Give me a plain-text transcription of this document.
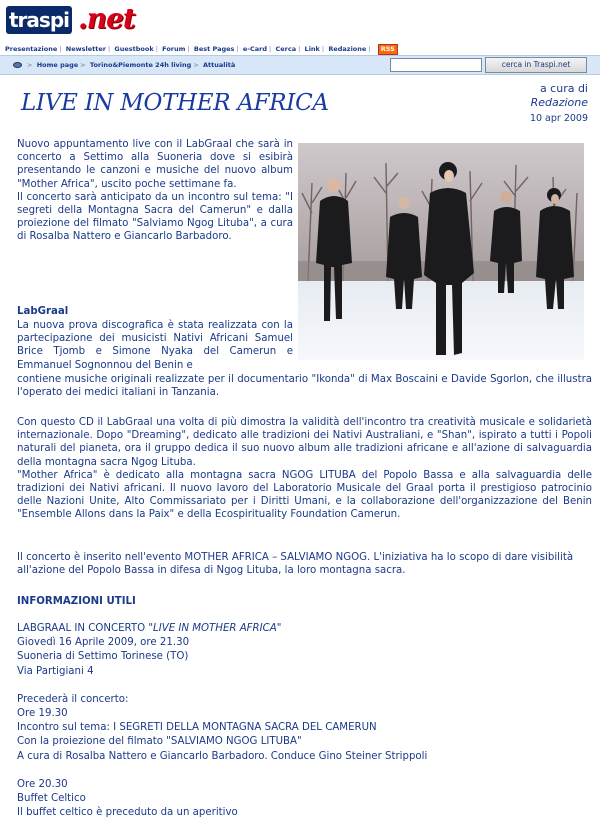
traspi .net
Presentazione | Newsletter | Guestbook | Forum | Best Pages | e-Card | Cerca | Link | Redazione | RSS
> Home page > Torino&Piemonte 24h living > Attualità	cerca in Traspi.net
LIVE IN MOTHER AFRICA
a cura di
Redazione
10 apr 2009
Nuovo appuntamento live con il LabGraal che sarà in concerto a Settimo alla Suoneria dove si esibirà presentando le canzoni e musiche del nuovo album "Mother Africa", uscito poche settimane fa.
Il concerto sarà anticipato da un incontro sul tema: "I segreti della Montagna Sacra del Camerun" e dalla proiezione del filmato "Salviamo Ngog Lituba", a cura di Rosalba Nattero e Giancarlo Barbadoro.
LabGraal
La nuova prova discografica è stata realizzata con la partecipazione dei musicisti Nativi Africani Samuel Brice Tjomb e Simone Nyaka del Camerun e Emmanuel Sognonnou del Benin e
contiene musiche originali realizzate per il documentario "Ikonda" di Max Boscaini e Davide Sgorlon, che illustra l'operato dei medici italiani in Tanzania.
Con questo CD il LabGraal una volta di più dimostra la validità dell'incontro tra creatività musicale e solidarietà internazionale. Dopo "Dreaming", dedicato alle tradizioni dei Nativi Australiani, e "Shan", ispirato a tutti i Popoli naturali del pianeta, ora il gruppo dedica il suo nuovo album alle tradizioni africane e all'azione di salvaguardia della montagna sacra Ngog Lituba.
"Mother Africa" è dedicato alla montagna sacra NGOG LITUBA del Popolo Bassa e alla salvaguardia delle tradizioni dei Nativi africani. Il nuovo lavoro del Laboratorio Musicale del Graal porta il prestigioso patrocinio delle Nazioni Unite, Alto Commissariato per i Diritti Umani, e la collaborazione dell'organizzazione del Benin "Ensemble Allons dans la Paix" e della Ecospirituality Foundation Camerun.
Il concerto è inserito nell'evento MOTHER AFRICA – SALVIAMO NGOG. L'iniziativa ha lo scopo di dare visibilità all'azione del Popolo Bassa in difesa di Ngog Lituba, la loro montagna sacra.
INFORMAZIONI UTILI
LABGRAAL IN CONCERTO "LIVE IN MOTHER AFRICA"
Giovedì 16 Aprile 2009, ore 21.30
Suoneria di Settimo Torinese (TO)
Via Partigiani 4
Precederà il concerto:
Ore 19.30
Incontro sul tema: I SEGRETI DELLA MONTAGNA SACRA DEL CAMERUN
Con la proiezione del filmato "SALVIAMO NGOG LITUBA"
A cura di Rosalba Nattero e Giancarlo Barbadoro. Conduce Gino Steiner Strippoli
Ore 20.30
Buffet Celtico
Il buffet celtico è preceduto da un aperitivo
